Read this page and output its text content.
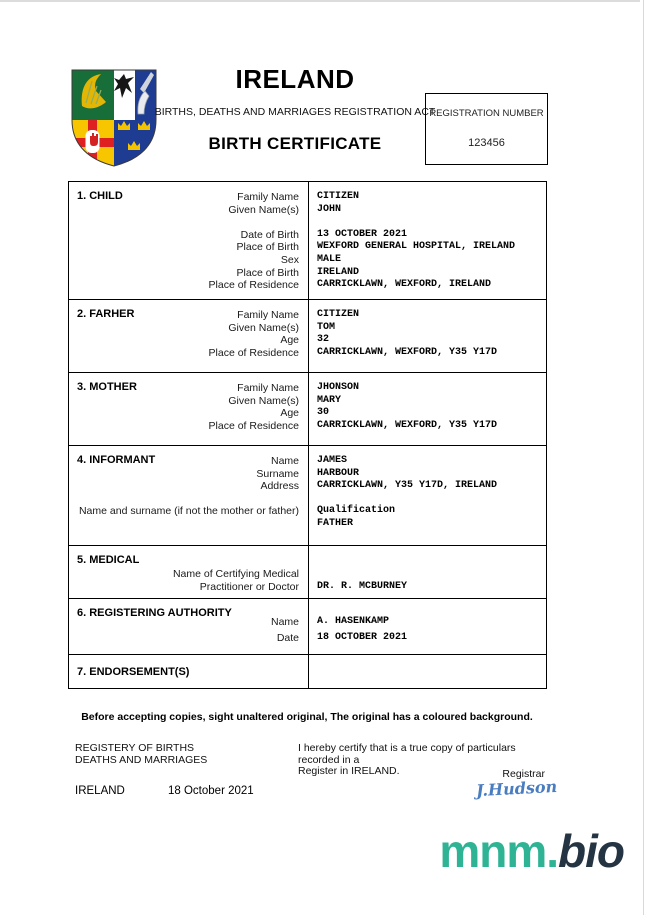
IRELAND
BIRTHS, DEATHS AND MARRIAGES REGISTRATION ACT
BIRTH CERTIFICATE
REGISTRATION NUMBER
123456
1. CHILD	Family Name	CITIZEN
Given Name(s)	JOHN
Date of Birth	13 OCTOBER 2021
Place of Birth	WEXFORD GENERAL HOSPITAL, IRELAND
Sex	MALE
Place of Birth	IRELAND
Place of Residence	CARRICKLAWN, WEXFORD, IRELAND
2. FARHER	Family Name	CITIZEN
Given Name(s)	TOM
Age	32
Place of Residence	CARRICKLAWN, WEXFORD, Y35 Y17D
3. MOTHER	Family Name	JHONSON
Given Name(s)	MARY
Age	30
Place of Residence	CARRICKLAWN, WEXFORD, Y35 Y17D
4. INFORMANT	Name	JAMES
Surname	HARBOUR
Address	CARRICKLAWN, Y35 Y17D, IRELAND
Name and surname (if not the mother or father)	Qualification
FATHER
5. MEDICAL
Name of Certifying Medical
Practitioner or Doctor	DR. R. MCBURNEY
6. REGISTERING AUTHORITY
Name	A. HASENKAMP
Date	18 OCTOBER 2021
7. ENDORSEMENT(S)
Before accepting copies, sight unaltered original, The original has a coloured background.
REGISTERY OF BIRTHS
DEATHS AND MARRIAGES
I hereby certify that is a true copy of particulars recorded in a
Register in IRELAND.	Registrar
J.Hudson
IRELAND	18 October 2021
mnm.bio
